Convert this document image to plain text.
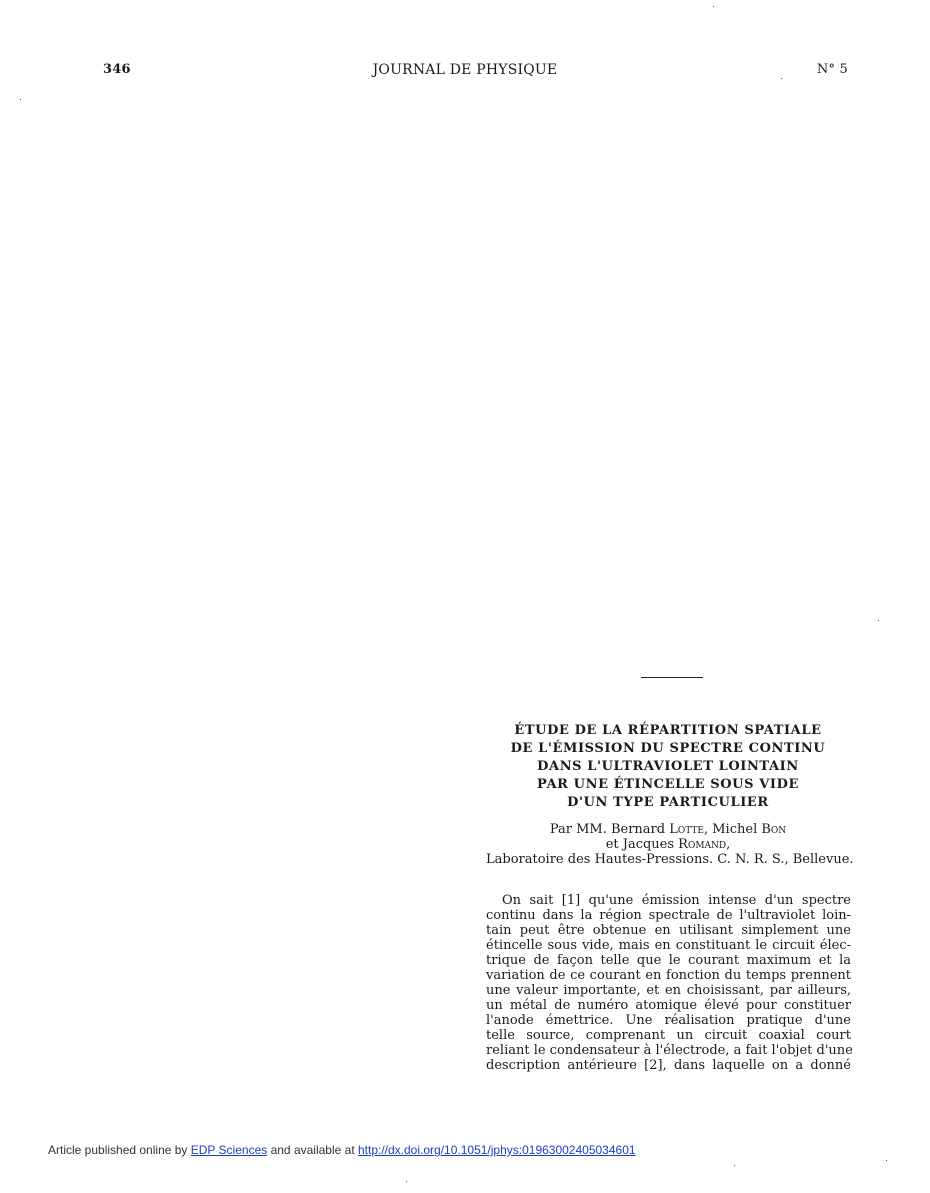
346	JOURNAL DE PHYSIQUE	N° 5
ÉTUDE DE LA RÉPARTITION SPATIALE
DE L'ÉMISSION DU SPECTRE CONTINU
DANS L'ULTRAVIOLET LOINTAIN
PAR UNE ÉTINCELLE SOUS VIDE
D'UN TYPE PARTICULIER
Par MM. Bernard Lotte, Michel Bon
et Jacques Romand,
Laboratoire des Hautes-Pressions. C. N. R. S., Bellevue.
On sait [1] qu'une émission intense d'un spectre
continu dans la région spectrale de l'ultraviolet loin-
tain peut être obtenue en utilisant simplement une
étincelle sous vide, mais en constituant le circuit élec-
trique de façon telle que le courant maximum et la
variation de ce courant en fonction du temps prennent
une valeur importante, et en choisissant, par ailleurs,
un métal de numéro atomique élevé pour constituer
l'anode émettrice. Une réalisation pratique d'une
telle source, comprenant un circuit coaxial court
reliant le condensateur à l'électrode, a fait l'objet d'une
description antérieure [2], dans laquelle on a donné
Article published online by EDP Sciences and available at http://dx.doi.org/10.1051/jphys:01963002405034601
